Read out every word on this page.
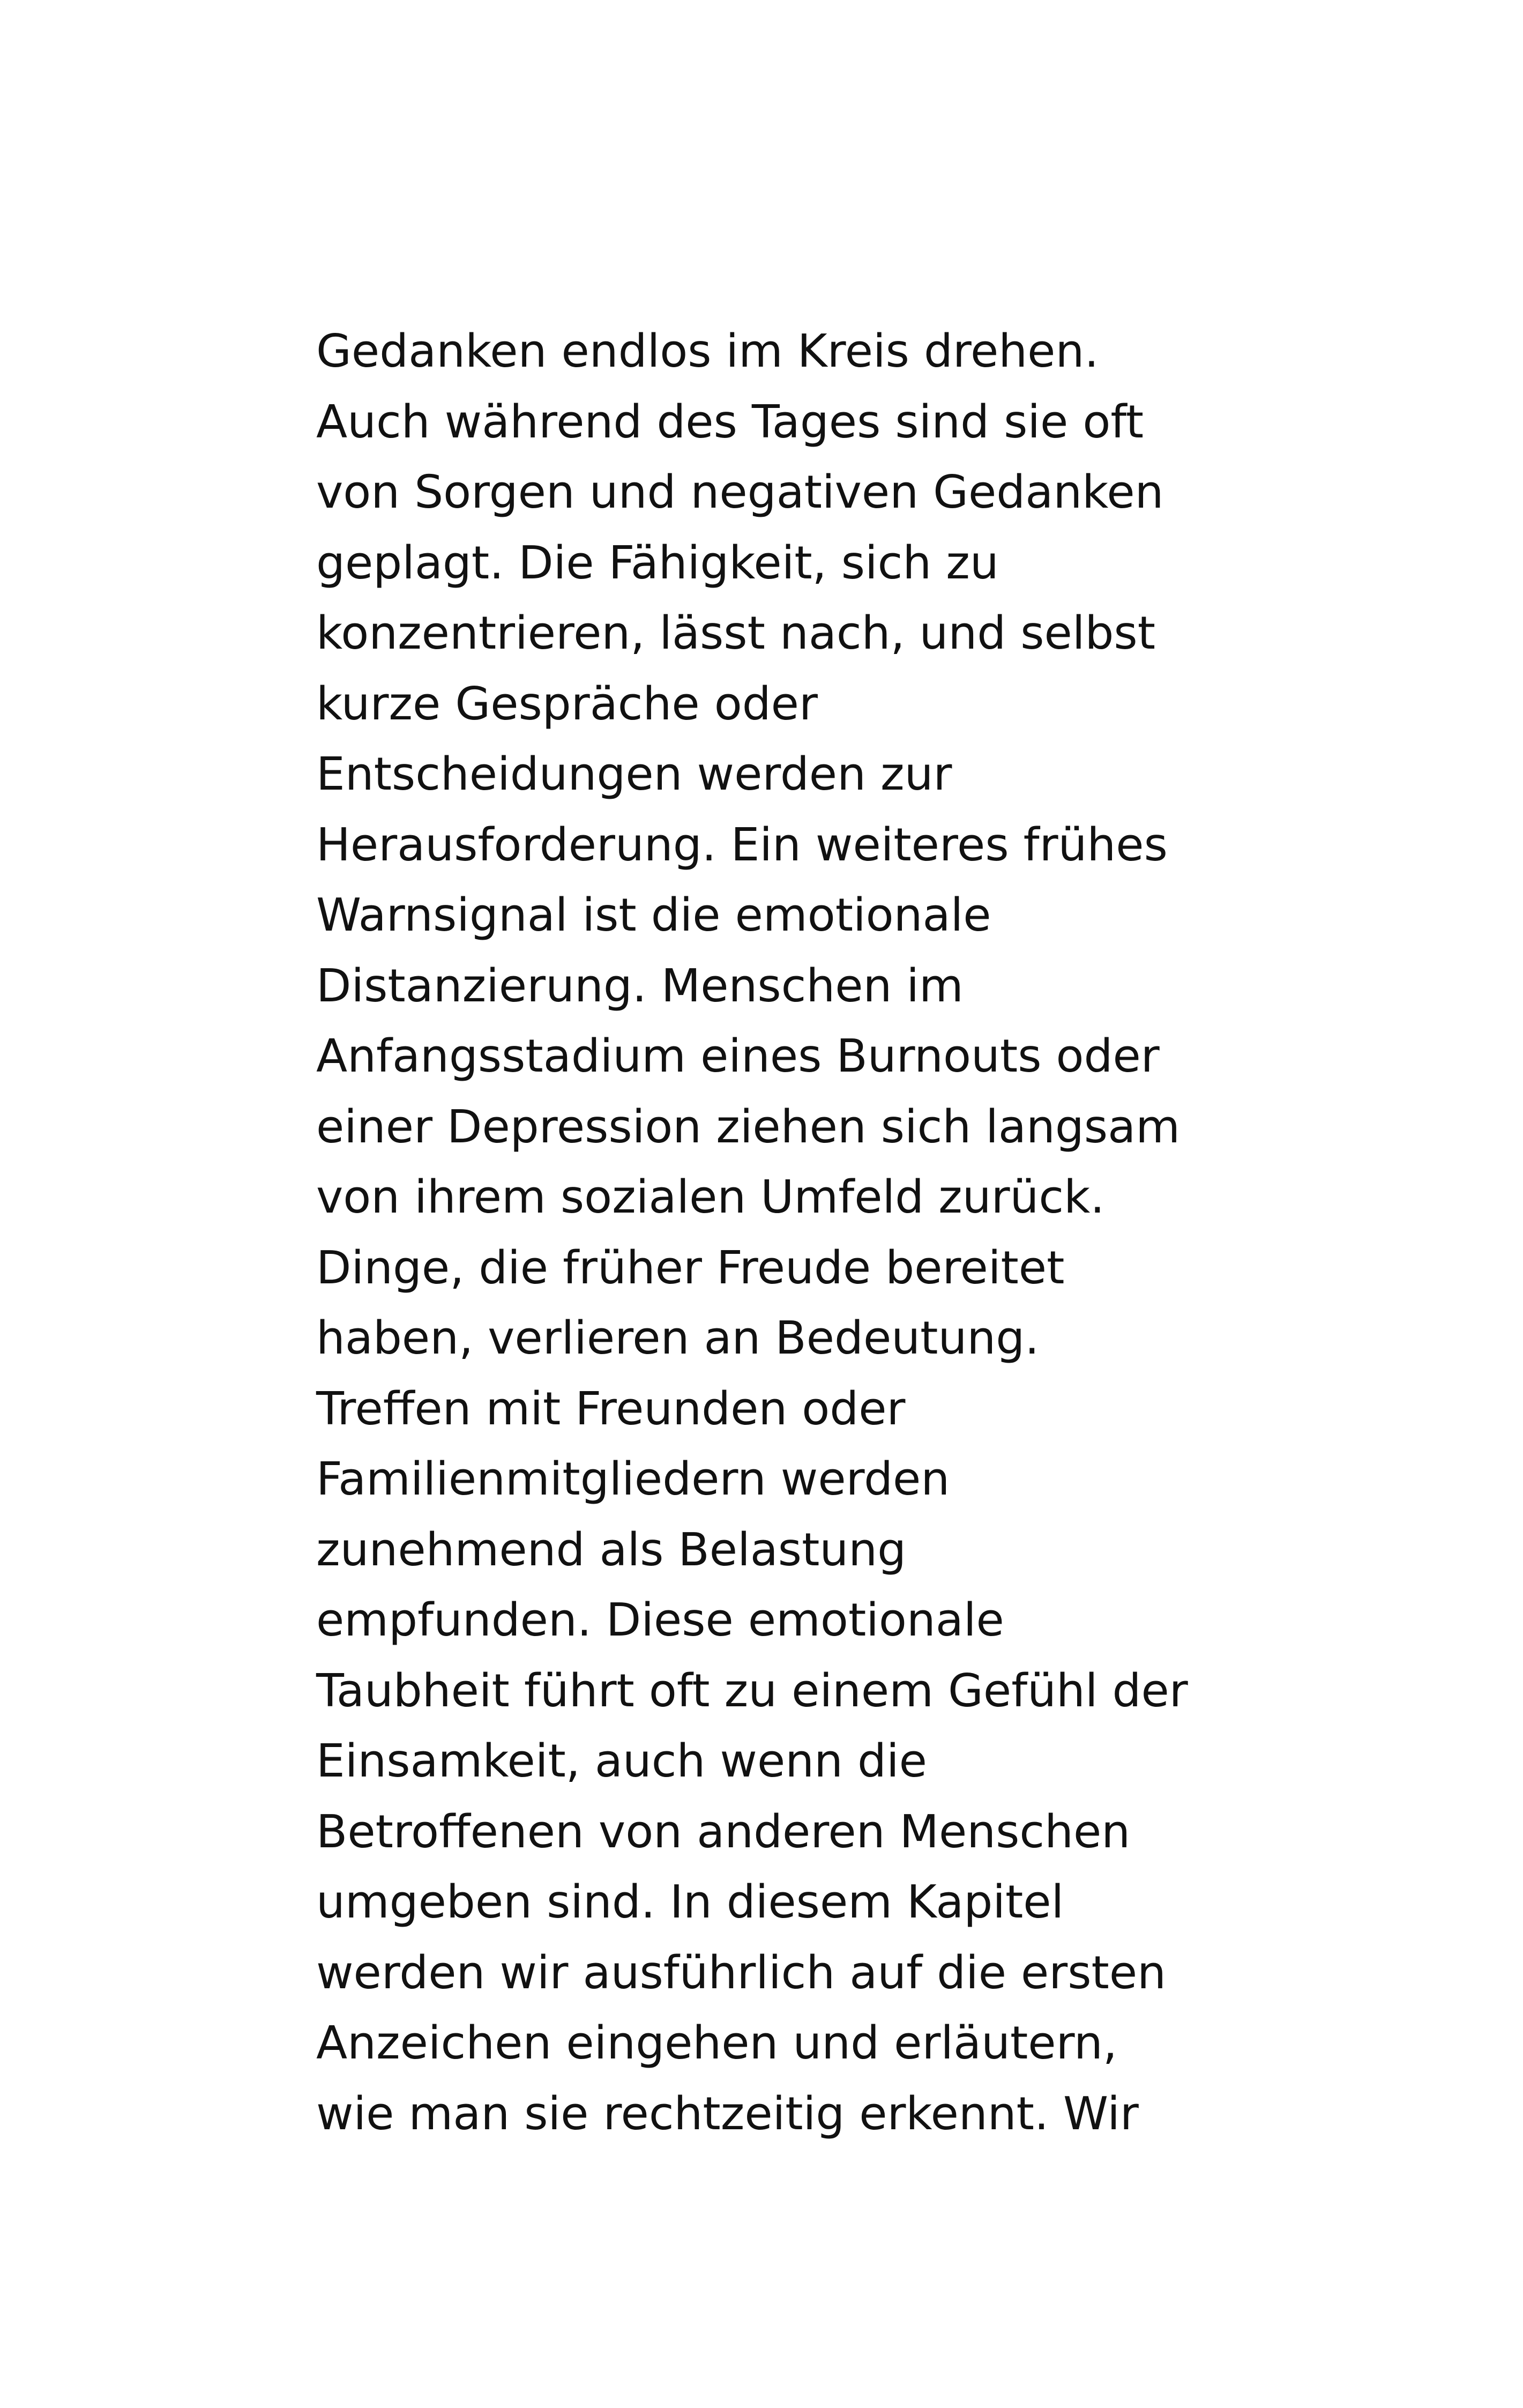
Gedanken endlos im Kreis drehen.
Auch während des Tages sind sie oft
von Sorgen und negativen Gedanken
geplagt. Die Fähigkeit, sich zu
konzentrieren, lässt nach, und selbst
kurze Gespräche oder
Entscheidungen werden zur
Herausforderung. Ein weiteres frühes
Warnsignal ist die emotionale
Distanzierung. Menschen im
Anfangsstadium eines Burnouts oder
einer Depression ziehen sich langsam
von ihrem sozialen Umfeld zurück.
Dinge, die früher Freude bereitet
haben, verlieren an Bedeutung.
Treffen mit Freunden oder
Familienmitgliedern werden
zunehmend als Belastung
empfunden. Diese emotionale
Taubheit führt oft zu einem Gefühl der
Einsamkeit, auch wenn die
Betroffenen von anderen Menschen
umgeben sind. In diesem Kapitel
werden wir ausführlich auf die ersten
Anzeichen eingehen und erläutern,
wie man sie rechtzeitig erkennt. Wir
